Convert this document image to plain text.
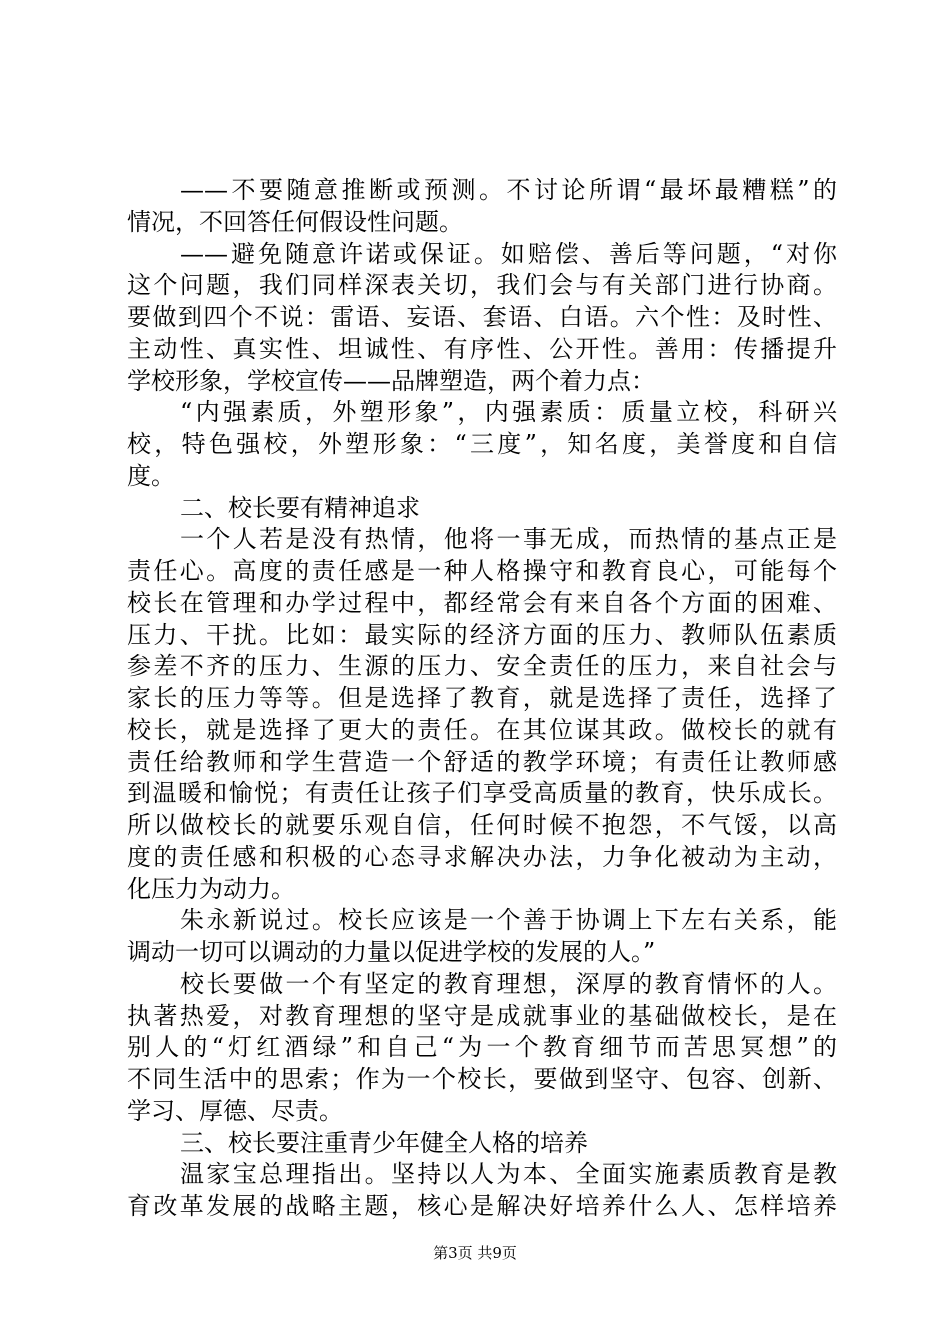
——不要随意推断或预测。不讨论所谓“最坏最糟糕”的
情况，不回答任何假设性问题。
——避免随意许诺或保证。如赔偿、善后等问题，“对你
这个问题，我们同样深表关切，我们会与有关部门进行协商。
要做到四个不说：雷语、妄语、套语、白语。六个性：及时性、
主动性、真实性、坦诚性、有序性、公开性。善用：传播提升
学校形象，学校宣传——品牌塑造，两个着力点：
“内强素质，外塑形象”，内强素质：质量立校，科研兴
校，特色强校，外塑形象：“三度”，知名度，美誉度和自信
度。
二、校长要有精神追求
一个人若是没有热情，他将一事无成，而热情的基点正是
责任心。高度的责任感是一种人格操守和教育良心，可能每个
校长在管理和办学过程中，都经常会有来自各个方面的困难、
压力、干扰。比如：最实际的经济方面的压力、教师队伍素质
参差不齐的压力、生源的压力、安全责任的压力，来自社会与
家长的压力等等。但是选择了教育，就是选择了责任，选择了
校长，就是选择了更大的责任。在其位谋其政。做校长的就有
责任给教师和学生营造一个舒适的教学环境；有责任让教师感
到温暖和愉悦；有责任让孩子们享受高质量的教育，快乐成长。
所以做校长的就要乐观自信，任何时候不抱怨，不气馁，以高
度的责任感和积极的心态寻求解决办法，力争化被动为主动，
化压力为动力。
朱永新说过。校长应该是一个善于协调上下左右关系，能
调动一切可以调动的力量以促进学校的发展的人。”
校长要做一个有坚定的教育理想，深厚的教育情怀的人。
执著热爱，对教育理想的坚守是成就事业的基础做校长，是在
别人的“灯红酒绿”和自己“为一个教育细节而苦思冥想”的
不同生活中的思索；作为一个校长，要做到坚守、包容、创新、
学习、厚德、尽责。
三、校长要注重青少年健全人格的培养
温家宝总理指出。坚持以人为本、全面实施素质教育是教
育改革发展的战略主题，核心是解决好培养什么人、怎样培养
第3页 共9页
